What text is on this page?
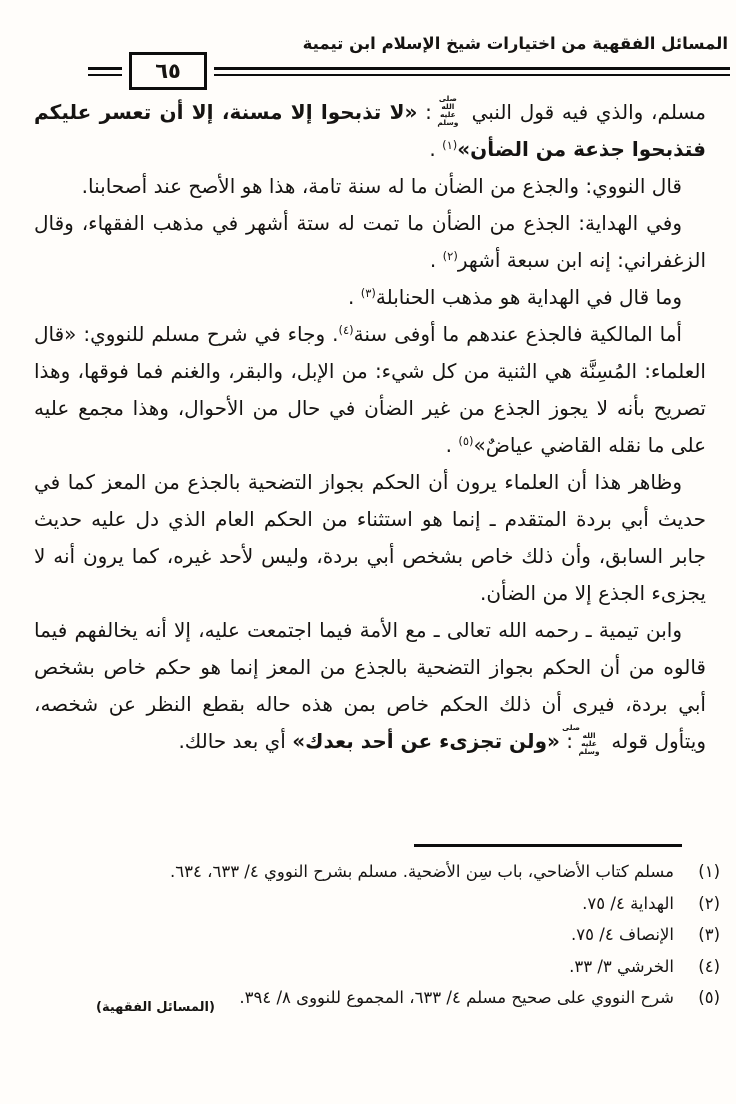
المسائل الفقهية من اختيارات شيخ الإسلام ابن تيمية
٦٥

مسلم، والذي فيه قول النبي صلى الله عليه وسلم: «لا تذبحوا إلا مسنة، إلا أن تعسر عليكم فتذبحوا جذعة من الضأن»$^{(١)}$ .

قال النووي: والجذع من الضأن ما له سنة تامة، هذا هو الأصح عند أصحابنا.

وفي الهداية: الجذع من الضأن ما تمت له ستة أشهر في مذهب الفقهاء، وقال الزغفراني: إنه ابن سبعة أشهر$^{(٢)}$ .

وما قال في الهداية هو مذهب الحنابلة$^{(٣)}$ .

أما المالكية فالجذع عندهم ما أوفى سنة$^{(٤)}$. وجاء في شرح مسلم للنووي: «قال العلماء: المُسِنَّة هي الثنية من كل شيء: من الإبل، والبقر، والغنم فما فوقها، وهذا تصريح بأنه لا يجوز الجذع من غير الضأن في حال من الأحوال، وهذا مجمع عليه على ما نقله القاضي عياضٌ»$^{(٥)}$ .

وظاهر هذا أن العلماء يرون أن الحكم بجواز التضحية بالجذع من المعز كما في حديث أبي بردة المتقدم ـ إنما هو استثناء من الحكم العام الذي دل عليه حديث جابر السابق، وأن ذلك خاص بشخص أبي بردة، وليس لأحد غيره، كما يرون أنه لا يجزىء الجذع إلا من الضأن.

وابن تيمية ـ رحمه الله تعالى ـ مع الأمة فيما اجتمعت عليه، إلا أنه يخالفهم فيما قالوه من أن الحكم بجواز التضحية بالجذع من المعز إنما هو حكم خاص بشخص أبي بردة، فيرى أن ذلك الحكم خاص بمن هذه حاله بقطع النظر عن شخصه، ويتأول قوله صلى الله عليه وسلم: «ولن تجزىء عن أحد بعدك» أي بعد حالك.

(١)
مسلم كتاب الأضاحي، باب سِن الأضحية. مسلم بشرح النووي ٤/ ٦٣٣، ٦٣٤.
(٢)
الهداية ٤/ ٧٥.
(٣)
الإنصاف ٤/ ٧٥.
(٤)
الخرشي ٣/ ٣٣.
(٥)
شرح النووي على صحيح مسلم ٤/ ٦٣٣، المجموع للنووى ٨/ ٣٩٤.
(المسائل الفقهية)
